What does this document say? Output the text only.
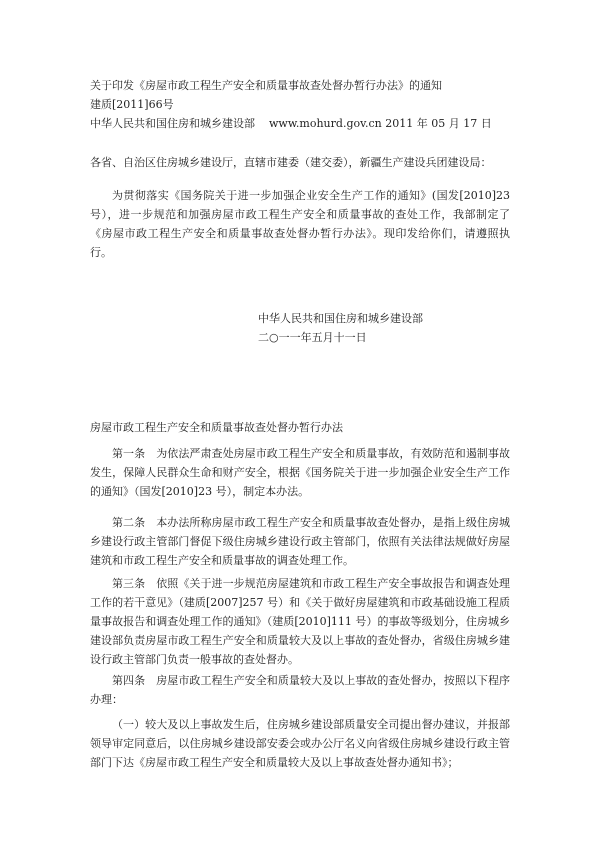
关于印发《房屋市政工程生产安全和质量事故查处督办暂行办法》的通知
建质[2011]66号
中华人民共和国住房和城乡建设部    www.mohurd.gov.cn 2011 年 05 月 17 日

各省、自治区住房城乡建设厅，直辖市建委（建交委），新疆生产建设兵团建设局：

为贯彻落实《国务院关于进一步加强企业安全生产工作的通知》(国发[2010]23 号），进一步规范和加强房屋市政工程生产安全和质量事故的查处工作，我部制定了《房屋市政工程生产安全和质量事故查处督办暂行办法》。现印发给你们，请遵照执行。

中华人民共和国住房和城乡建设部
二○一一年五月十一日
房屋市政工程生产安全和质量事故查处督办暂行办法

第一条　为依法严肃查处房屋市政工程生产安全和质量事故，有效防范和遏制事故发生，保障人民群众生命和财产安全，根据《国务院关于进一步加强企业安全生产工作的通知》（国发[2010]23 号），制定本办法。

第二条　本办法所称房屋市政工程生产安全和质量事故查处督办，是指上级住房城乡建设行政主管部门督促下级住房城乡建设行政主管部门，依照有关法律法规做好房屋建筑和市政工程生产安全和质量事故的调查处理工作。

第三条　依照《关于进一步规范房屋建筑和市政工程生产安全事故报告和调查处理工作的若干意见》（建质[2007]257 号）和《关于做好房屋建筑和市政基础设施工程质量事故报告和调查处理工作的通知》（建质[2010]111 号）的事故等级划分，住房城乡建设部负责房屋市政工程生产安全和质量较大及以上事故的查处督办，省级住房城乡建设行政主管部门负责一般事故的查处督办。

第四条　房屋市政工程生产安全和质量较大及以上事故的查处督办，按照以下程序办理：

（一）较大及以上事故发生后，住房城乡建设部质量安全司提出督办建议，并报部领导审定同意后，以住房城乡建设部安委会或办公厅名义向省级住房城乡建设行政主管部门下达《房屋市政工程生产安全和质量较大及以上事故查处督办通知书》；
